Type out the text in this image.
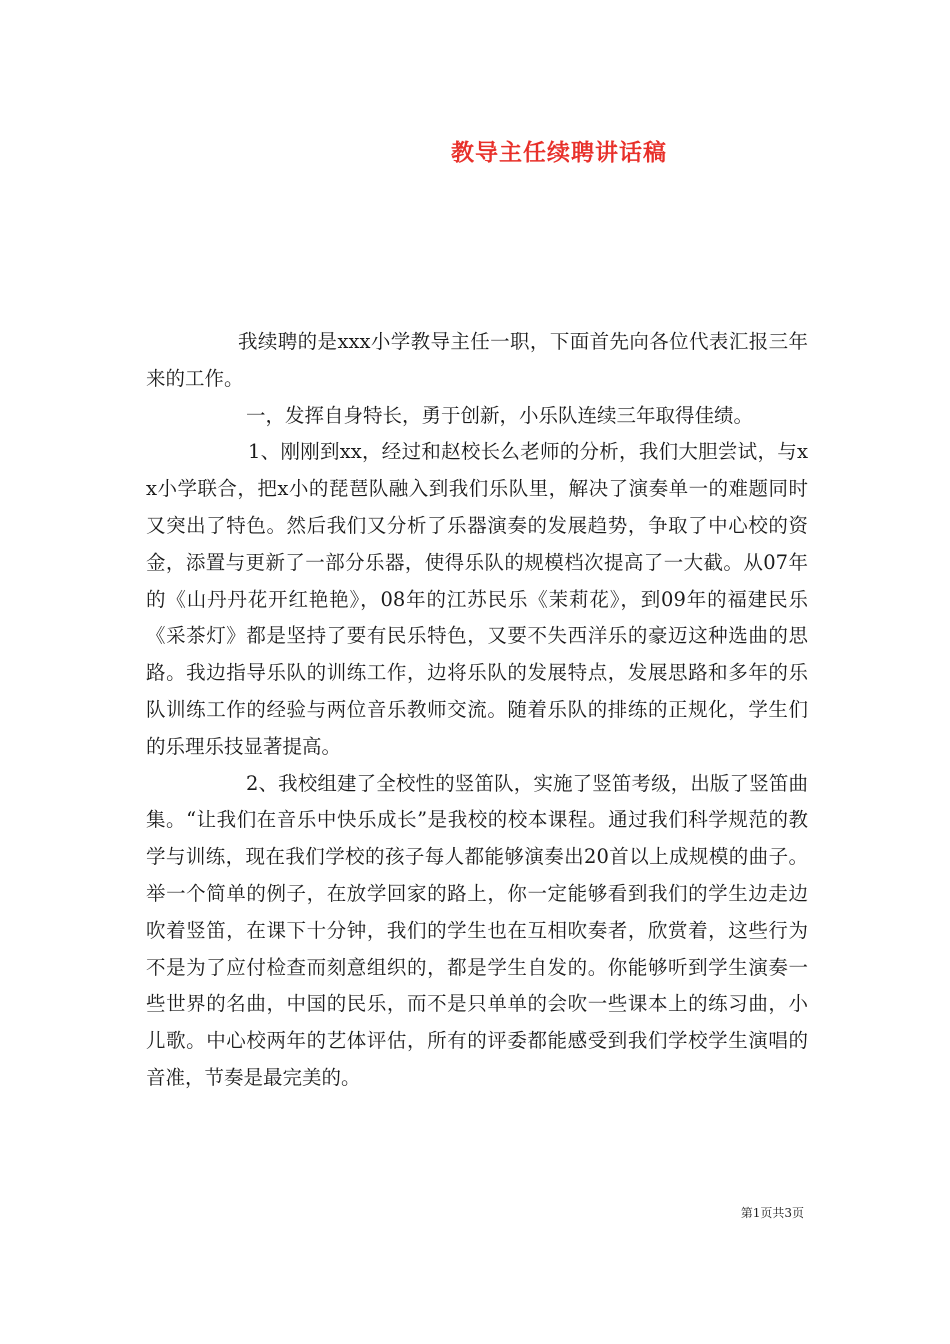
教导主任续聘讲话稿

我续聘的是xxx小学教导主任一职，下面首先向各位代表汇报三年来的工作。

一，发挥自身特长，勇于创新，小乐队连续三年取得佳绩。

1、刚刚到xx，经过和赵校长么老师的分析，我们大胆尝试，与xx小学联合，把x小的琵琶队融入到我们乐队里，解决了演奏单一的难题同时又突出了特色。然后我们又分析了乐器演奏的发展趋势，争取了中心校的资金，添置与更新了一部分乐器，使得乐队的规模档次提高了一大截。从07年的《山丹丹花开红艳艳》，08年的江苏民乐《茉莉花》，到09年的福建民乐《采茶灯》都是坚持了要有民乐特色，又要不失西洋乐的豪迈这种选曲的思路。我边指导乐队的训练工作，边将乐队的发展特点，发展思路和多年的乐队训练工作的经验与两位音乐教师交流。随着乐队的排练的正规化，学生们的乐理乐技显著提高。

2、我校组建了全校性的竖笛队，实施了竖笛考级，出版了竖笛曲集。“让我们在音乐中快乐成长”是我校的校本课程。通过我们科学规范的教学与训练，现在我们学校的孩子每人都能够演奏出20首以上成规模的曲子。举一个简单的例子，在放学回家的路上，你一定能够看到我们的学生边走边吹着竖笛，在课下十分钟，我们的学生也在互相吹奏者，欣赏着，这些行为不是为了应付检查而刻意组织的，都是学生自发的。你能够听到学生演奏一些世界的名曲，中国的民乐，而不是只单单的会吹一些课本上的练习曲，小儿歌。中心校两年的艺体评估，所有的评委都能感受到我们学校学生演唱的音准，节奏是最完美的。

第1页共3页
